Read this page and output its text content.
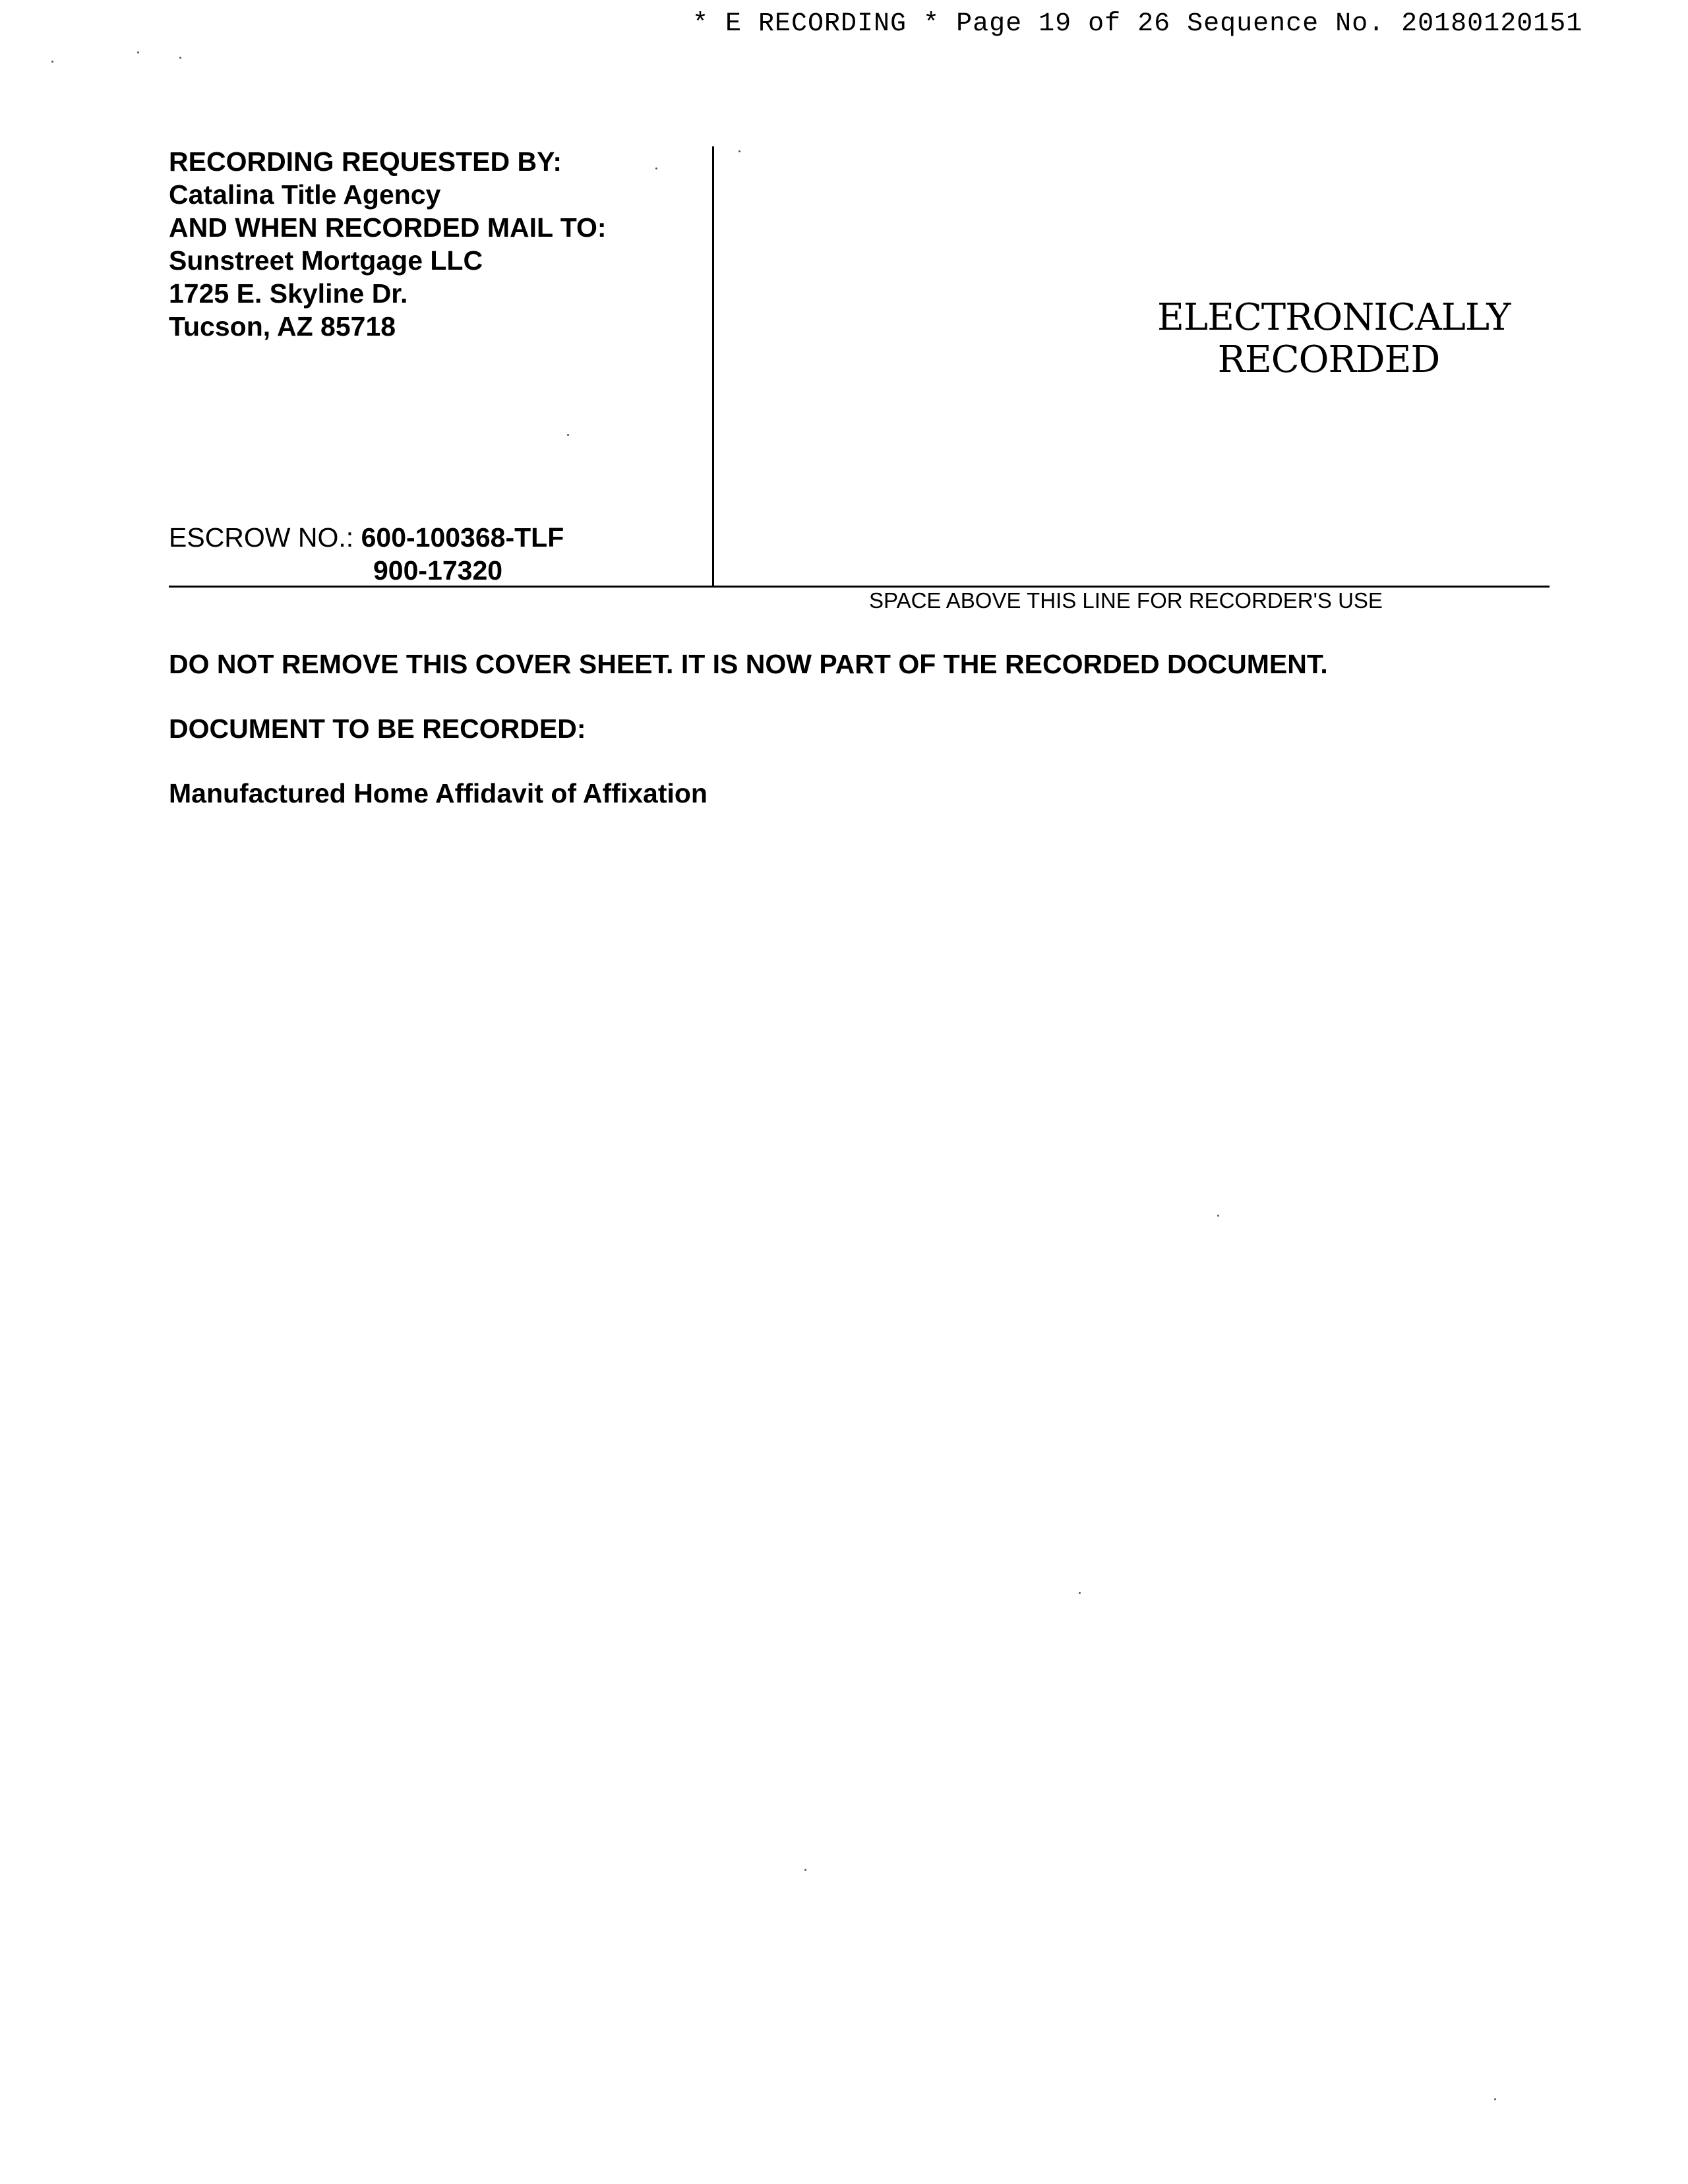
* E RECORDING * Page 19 of 26 Sequence No. 20180120151
RECORDING REQUESTED BY:
Catalina Title Agency
AND WHEN RECORDED MAIL TO:
Sunstreet Mortgage LLC
1725 E. Skyline Dr.
Tucson, AZ 85718
ESCROW NO.: 600-100368-TLF
900-17320
ELECTRONICALLY
RECORDED
SPACE ABOVE THIS LINE FOR RECORDER'S USE
DO NOT REMOVE THIS COVER SHEET. IT IS NOW PART OF THE RECORDED DOCUMENT.
DOCUMENT TO BE RECORDED:
Manufactured Home Affidavit of Affixation
